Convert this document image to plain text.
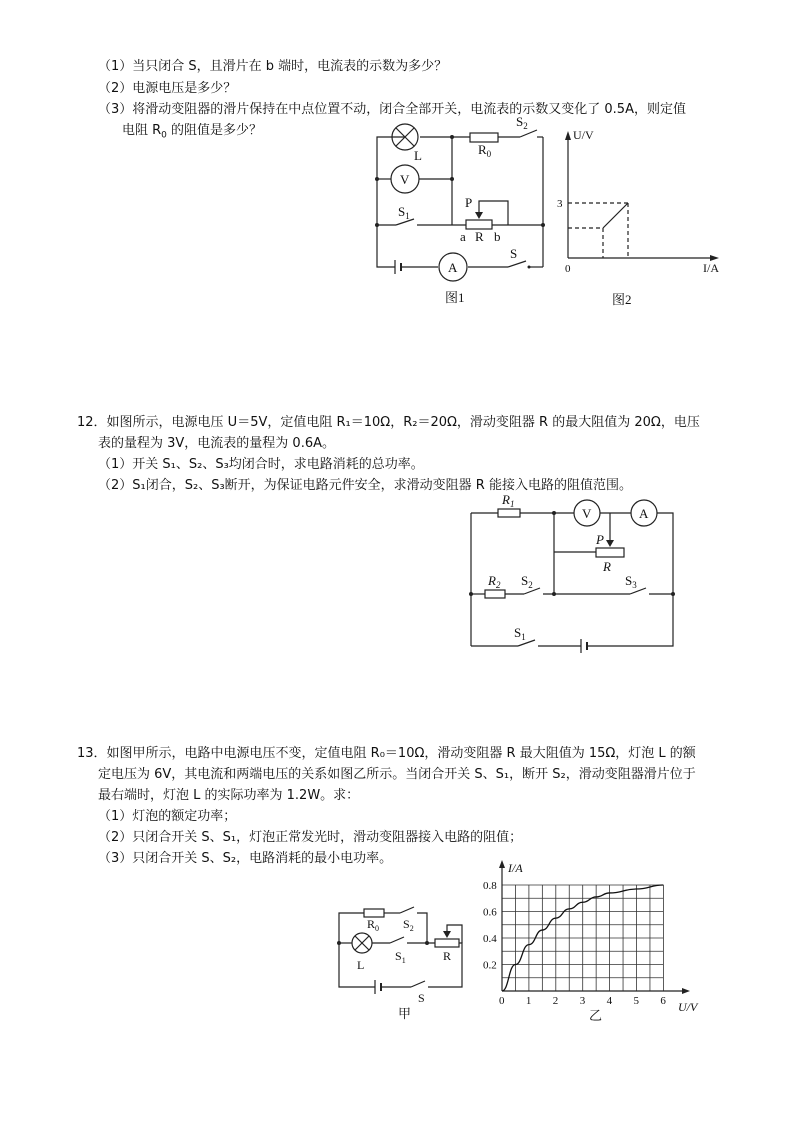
（1）当只闭合 S，且滑片在 b 端时，电流表的示数为多少？
（2）电源电压是多少？
（3）将滑动变阻器的滑片保持在中点位置不动，闭合全部开关，电流表的示数又变化了 0.5A，则定值
电阻 $R_0$ 的阻值是多少？
A
S
L	$R_0$
$S_2$
V
$S_1$
P
a R b
图1
U/V
I/A
0
3
图2
12．如图所示，电源电压 U＝5V，定值电阻 R₁＝10Ω，R₂＝20Ω，滑动变阻器 R 的最大阻值为 20Ω，电压
表的量程为 3V，电流表的量程为 0.6A。
（1）开关 S₁、S₂、S₃均闭合时，求电路消耗的总功率。
（2）S₁闭合，S₂、S₃断开，为保证电路元件安全，求滑动变阻器 R 能接入电路的阻值范围。
$R_1$
V	A
P
R
$R_2$ $S_2$	$S_3$
$S_1$
13．如图甲所示，电路中电源电压不变，定值电阻 R₀＝10Ω，滑动变阻器 R 最大阻值为 15Ω，灯泡 L 的额
定电压为 6V，其电流和两端电压的关系如图乙所示。当闭合开关 S、S₁，断开 S₂，滑动变阻器滑片位于
最右端时，灯泡 L 的实际功率为 1.2W。求：
（1）灯泡的额定功率；
（2）只闭合开关 S、S₁，灯泡正常发光时，滑动变阻器接入电路的阻值；
（3）只闭合开关 S、S₂，电路消耗的最小电功率。
$R_0$ $S_2$
L
$S_1$	R
S
甲
0 1 2 3 4 5 6
0.2
0.4
0.6
0.8
I/A
U/V
乙
